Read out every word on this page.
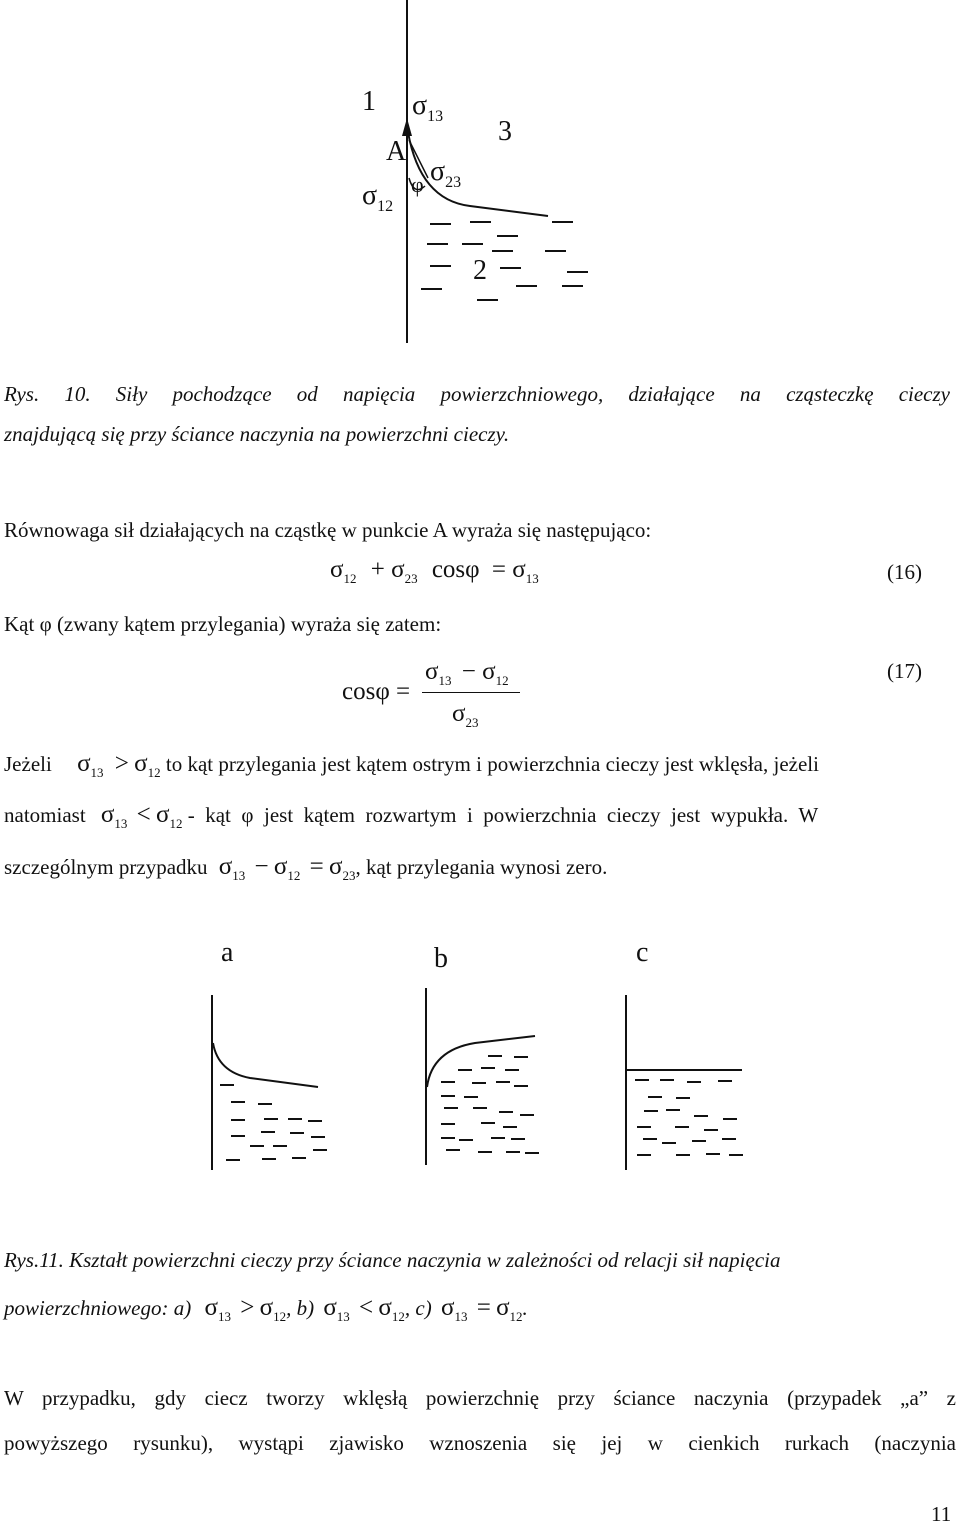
1 $\sigma_{13}$ 3
A
$\sigma_{23}$
φ
$\sigma_{12}$
2
Rys. 10. Siły pochodzące od napięcia powierzchniowego, działające na cząsteczkę cieczy
znajdującą się przy ściance naczynia na powierzchni cieczy.
Równowaga sił działających na cząstkę w punkcie A wyraża się następująco:
$\sigma_{12} + \sigma_{23}$ $\cos\varphi = \sigma_{13}$	(16)
Kąt φ (zwany kątem przylegania) wyraża się zatem:
cosφ =
$\sigma_{13} - \sigma_{12}$
$\sigma_{23}$
(17)
Jeżeli $\sigma_{13} > \sigma_{12}$ to kąt przylegania jest kątem ostrym i powierzchnia cieczy jest wklęsła, jeżeli
natomiast $\sigma_{13} < \sigma_{12}$ -  kąt  φ  jest  kątem  rozwartym  i  powierzchnia  cieczy  jest  wypukła.  W
szczególnym przypadku $\sigma_{13} - \sigma_{12} = \sigma_{23}$, kąt przylegania wynosi zero.
a	b	c
Rys.11. Kształt powierzchni cieczy przy ściance naczynia w zależności od relacji sił napięcia
powierzchniowego: a) $\sigma_{13} > \sigma_{12}$, b) $\sigma_{13} < \sigma_{12}$, c) $\sigma_{13} = \sigma_{12}$.
W przypadku, gdy ciecz tworzy wklęsłą powierzchnię przy ściance naczynia (przypadek „a” z
powyższego rysunku), wystąpi zjawisko wznoszenia się jej w cienkich rurkach (naczynia
11
